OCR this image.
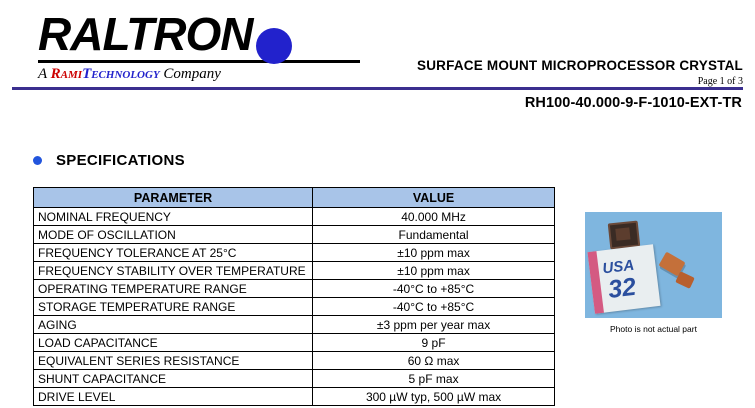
RALTRON
A RamiTechnology Company
SURFACE MOUNT MICROPROCESSOR CRYSTAL
Page 1 of 3
RH100-40.000-9-F-1010-EXT-TR
SPECIFICATIONS
PARAMETER	VALUE
NOMINAL FREQUENCY	40.000 MHz
MODE OF OSCILLATION	Fundamental
FREQUENCY TOLERANCE AT 25°C	±10 ppm max
FREQUENCY STABILITY OVER TEMPERATURE	±10 ppm max
OPERATING TEMPERATURE RANGE	-40°C to +85°C
STORAGE TEMPERATURE RANGE	-40°C to +85°C
AGING	±3 ppm per year max
LOAD CAPACITANCE	9 pF
EQUIVALENT SERIES RESISTANCE	60 Ω max
SHUNT CAPACITANCE	5 pF max
DRIVE LEVEL	300 µW typ, 500 µW max
USA
32
Photo is not actual part
